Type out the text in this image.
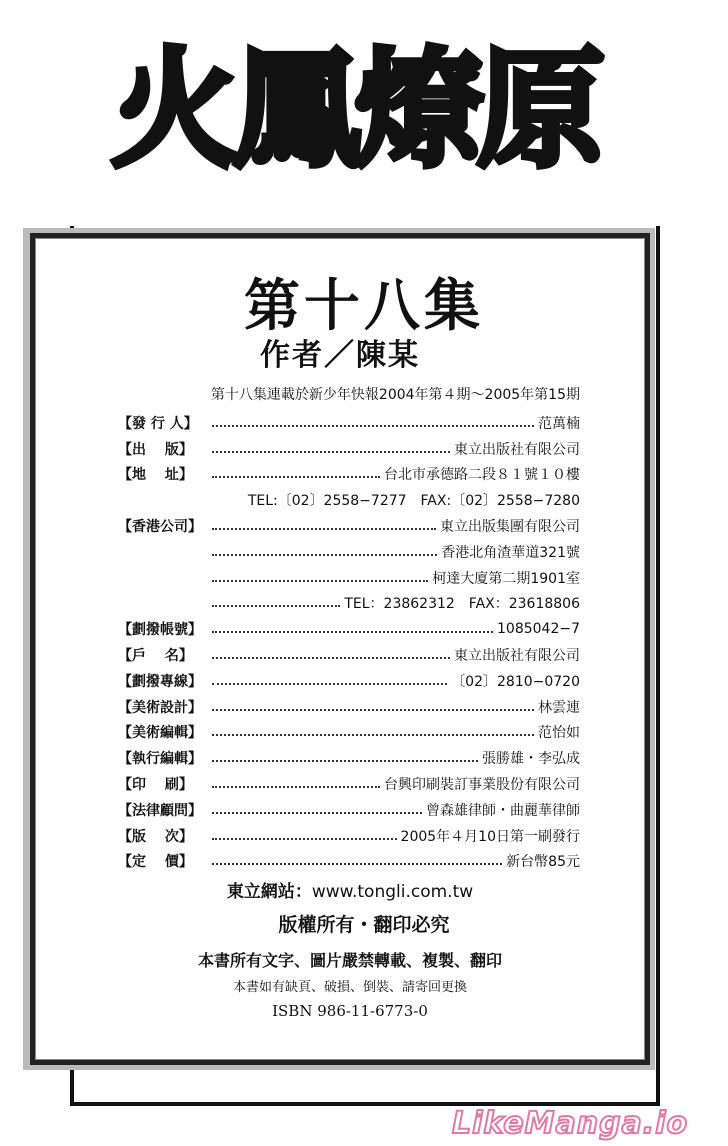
火鳳燎原
第十八集
作者／陳某
第十八集連載於新少年快報2004年第４期～2005年第15期
【發 行 人】	范萬楠
【出　 版】	東立出版社有限公司
【地　 址】	台北市承德路二段８１號１０樓
TEL:〔02〕2558−7277　FAX:〔02〕2558−7280
【香港公司】	東立出版集團有限公司
香港北角渣華道321號
柯達大廈第二期1901室
TEL：23862312　FAX：23618806
【劃撥帳號】	1085042−7
【戶　 名】	東立出版社有限公司
【劃撥專線】	〔02〕2810−0720
【美術設計】	林雲連
【美術編輯】	范怡如
【執行編輯】	張勝雄・李弘成
【印　 刷】	台興印刷裝訂事業股份有限公司
【法律顧問】	曾森雄律師・曲麗華律師
【版　 次】	2005年４月10日第一刷發行
【定　 價】	新台幣85元
東立網站：www.tongli.com.tw
版權所有・翻印必究
本書所有文字、圖片嚴禁轉載、複製、翻印
本書如有缺頁、破損、倒裝、請寄回更換
ISBN 986-11-6773-0
LikeManga.io
